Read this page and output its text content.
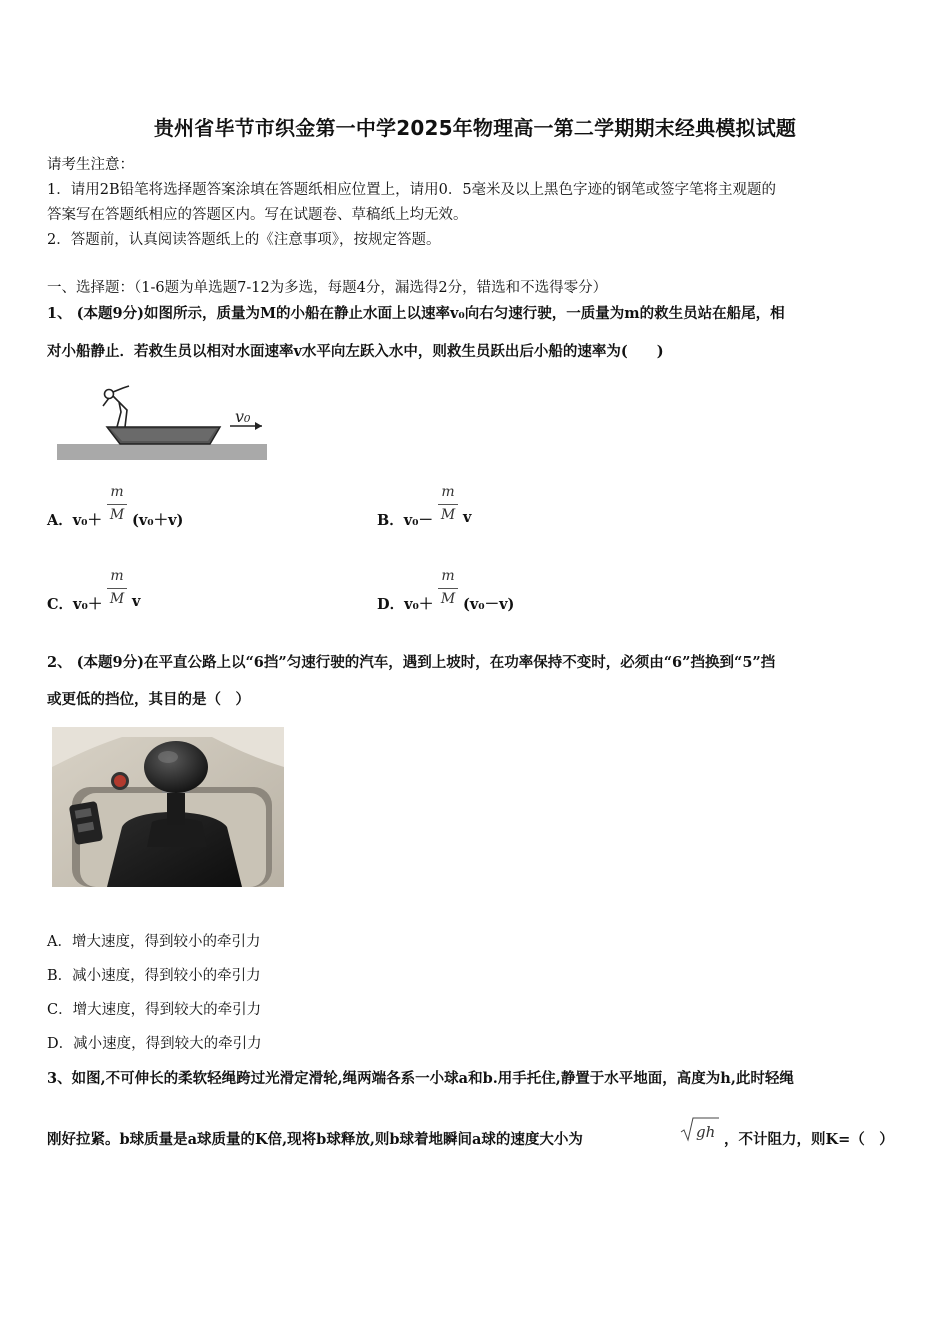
贵州省毕节市织金第一中学2025年物理高一第二学期期末经典模拟试题
请考生注意：
1．请用2B铅笔将选择题答案涂填在答题纸相应位置上，请用0．5毫米及以上黑色字迹的钢笔或签字笔将主观题的
答案写在答题纸相应的答题区内。写在试题卷、草稿纸上均无效。
2．答题前，认真阅读答题纸上的《注意事项》，按规定答题。
一、选择题：（1-6题为单选题7-12为多选，每题4分，漏选得2分，错选和不选得零分）
1、 (本题9分)如图所示，质量为M的小船在静止水面上以速率v₀向右匀速行驶，一质量为m的救生员站在船尾，相
对小船静止．若救生员以相对水面速率v水平向左跃入水中，则救生员跃出后小船的速率为(　　)
v₀
A．v₀＋
m
M (v₀＋v)	B．v₀－
m
M v
C．v₀＋
m
M v	D．v₀＋
m
M (v₀－v)
2、 (本题9分)在平直公路上以“6挡”匀速行驶的汽车，遇到上坡时，在功率保持不变时，必须由“6”挡换到“5”挡
或更低的挡位，其目的是（　）
A．增大速度，得到较小的牵引力
B．减小速度，得到较小的牵引力
C．增大速度，得到较大的牵引力
D．减小速度，得到较大的牵引力
3、如图,不可伸长的柔软轻绳跨过光滑定滑轮,绳两端各系一小球a和b.用手托住,静置于水平地面，高度为h,此时轻绳
刚好拉紧。b球质量是a球质量的K倍,现将b球释放,则b球着地瞬间a球的速度大小为	gh ，不计阻力，则K=（　）
